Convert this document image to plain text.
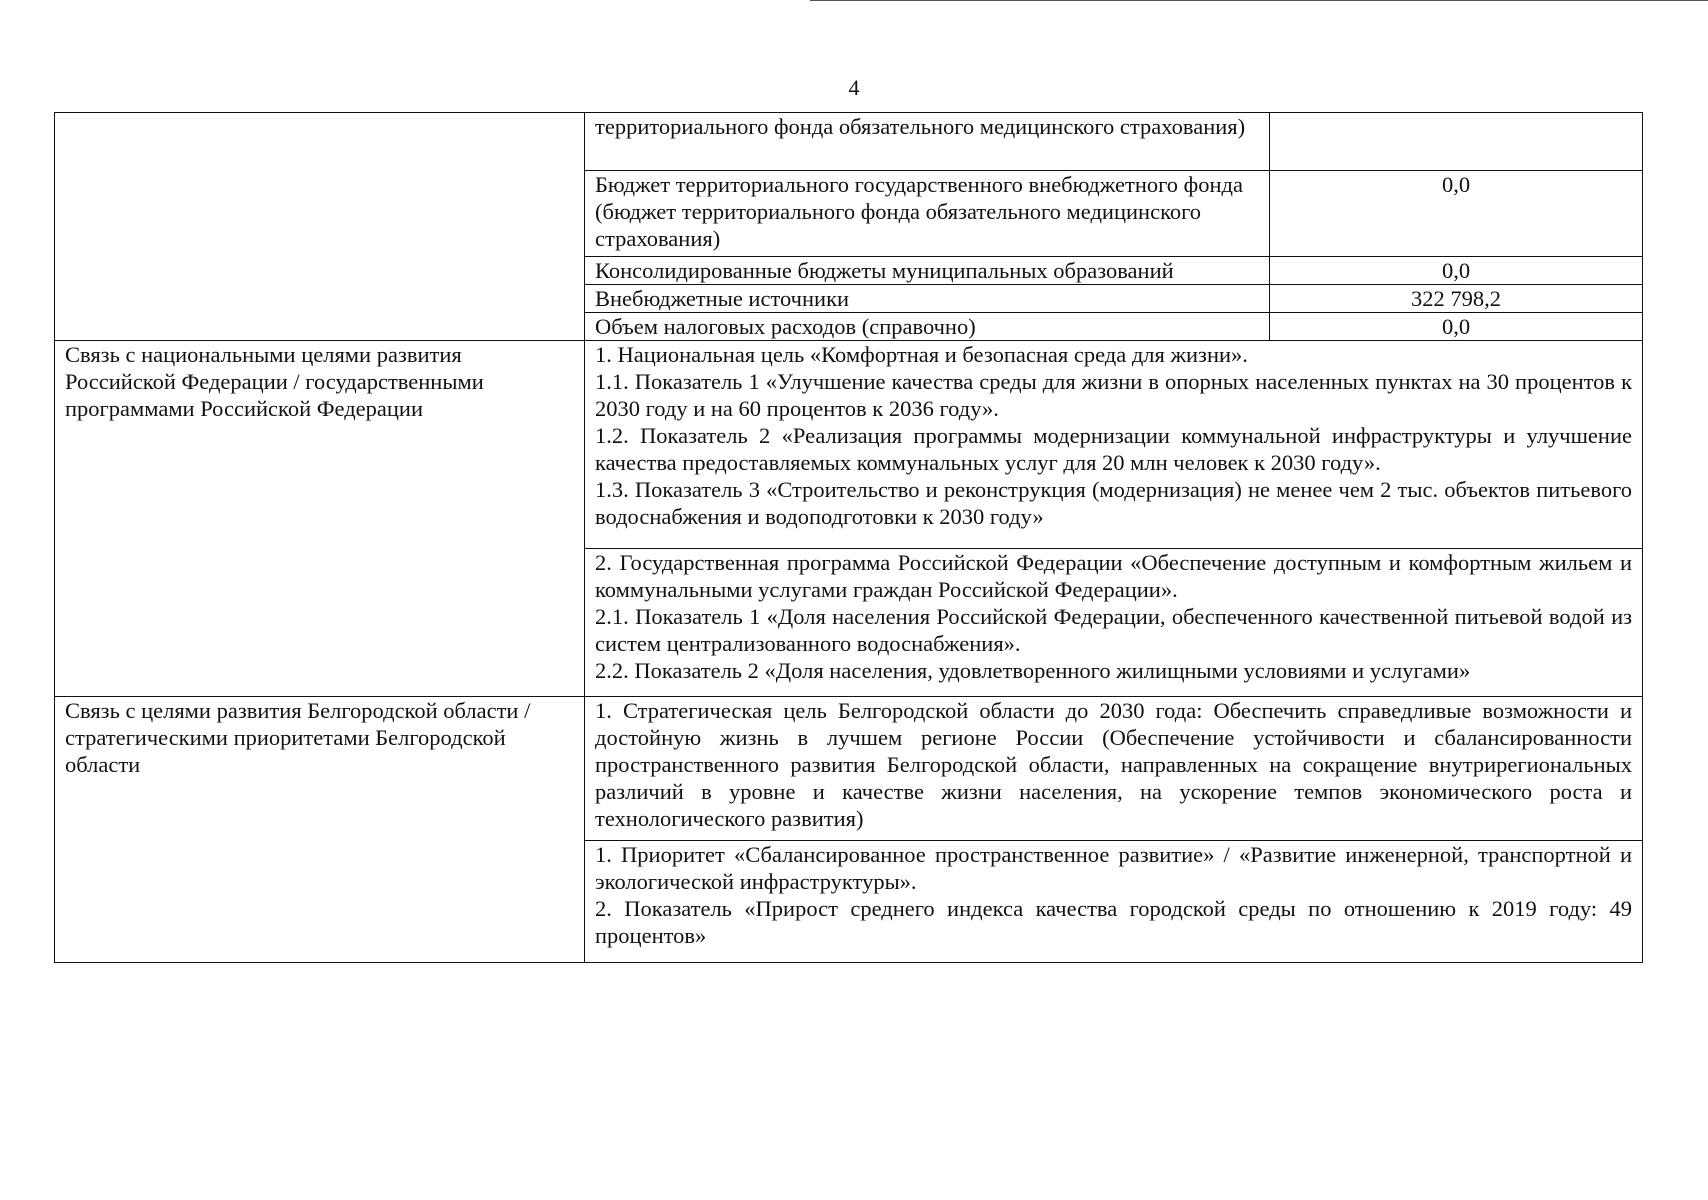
4
	территориального фонда обязательного медицинского страхования)	
	Бюджет территориального государственного внебюджетного фонда (бюджет территориального фонда обязательного медицинского страхования)	0,0
	Консолидированные бюджеты муниципальных образований	0,0
	Внебюджетные источники	322 798,2
	Объем налоговых расходов (справочно)	0,0
Связь с национальными целями развития Российской Федерации / государственными программами Российской Федерации	1. Национальная цель «Комфортная и безопасная среда для жизни».

1.1. Показатель 1 «Улучшение качества среды для жизни в опорных населенных пунктах на 30 процентов к 2030 году и на 60 процентов к 2036 году».

1.2. Показатель 2 «Реализация программы модернизации коммунальной инфраструктуры и улучшение качества предоставляемых коммунальных услуг для 20 млн человек к 2030 году».

1.3. Показатель 3 «Строительство и реконструкция (модернизация) не менее чем 2 тыс. объектов питьевого водоснабжения и водоподготовки к 2030 году»	

	2. Государственная программа Российской Федерации «Обеспечение доступным и комфортным жильем и коммунальными услугами граждан Российской Федерации».

2.1. Показатель 1 «Доля населения Российской Федерации, обеспеченного качественной питьевой водой из систем централизованного водоснабжения».

2.2. Показатель 2 «Доля населения, удовлетворенного жилищными условиями и услугами»	

Связь с целями развития Белгородской области / стратегическими приоритетами Белгородской области	1. Стратегическая цель Белгородской области до 2030 года: Обеспечить справедливые возможности и достойную жизнь в лучшем регионе России (Обеспечение устойчивости и сбалансированности пространственного развития Белгородской области, направленных на сокращение внутрирегиональных различий в уровне и качестве жизни населения, на ускорение темпов экономического роста и технологического развития)	

	1. Приоритет «Сбалансированное пространственное развитие» / «Развитие инженерной, транспортной и экологической инфраструктуры».

2. Показатель «Прирост среднего индекса качества городской среды по отношению к 2019 году: 49 процентов»	
